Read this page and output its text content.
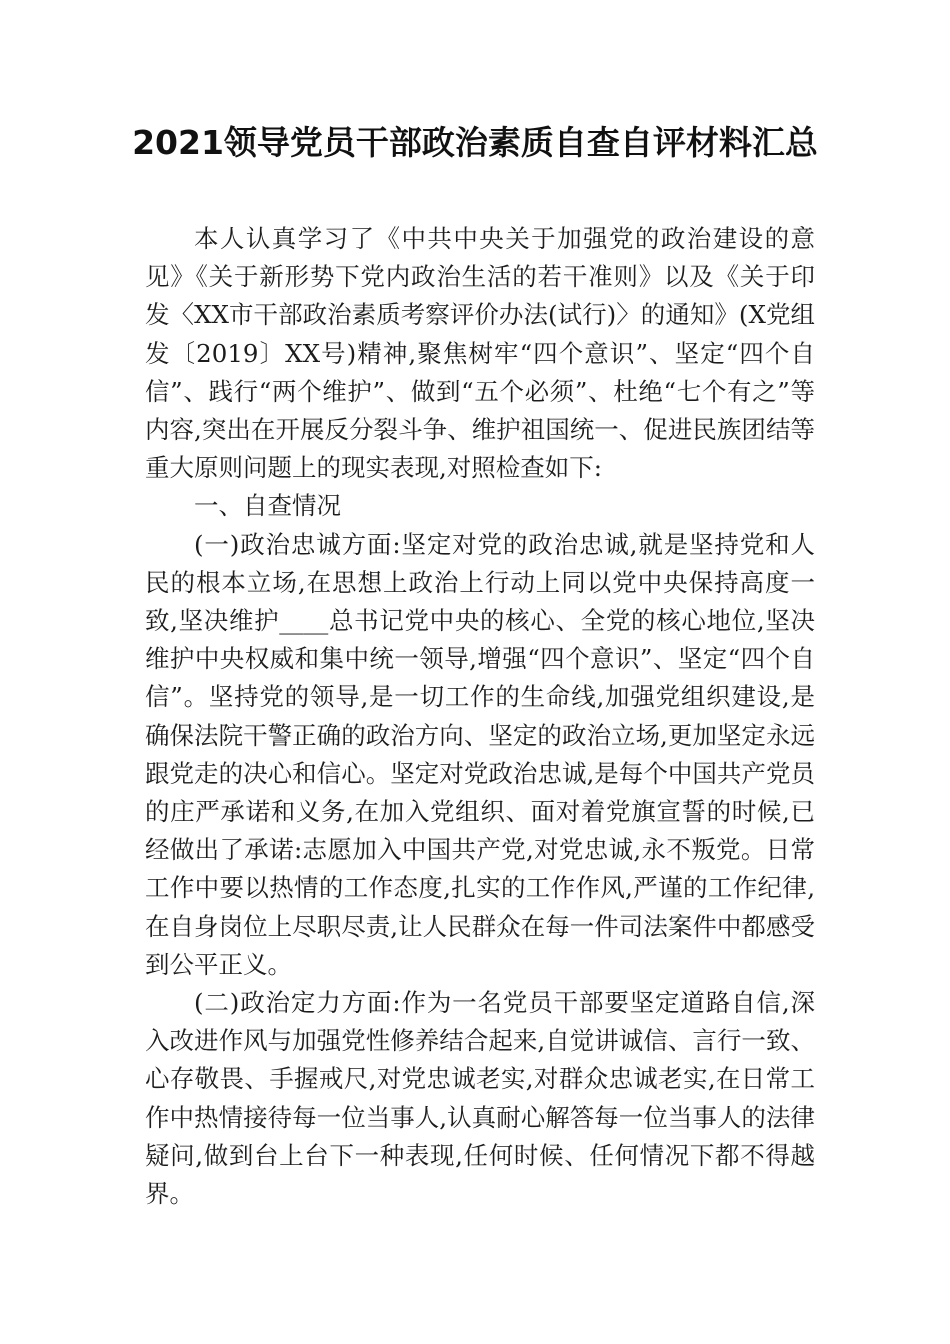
2021领导党员干部政治素质自查自评材料汇总

本人认真学习了《中共中央关于加强党的政治建设的意见》《关于新形势下党内政治生活的若干准则》以及《关于印发〈XX市干部政治素质考察评价办法(试行)〉的通知》(X党组发〔2019〕XX号)精神,聚焦树牢“四个意识”、坚定“四个自信”、践行“两个维护”、做到“五个必须”、杜绝“七个有之”等内容,突出在开展反分裂斗争、维护祖国统一、促进民族团结等重大原则问题上的现实表现,对照检查如下:

一、自查情况

(一)政治忠诚方面:坚定对党的政治忠诚,就是坚持党和人民的根本立场,在思想上政治上行动上同以党中央保持高度一致,坚决维护____总书记党中央的核心、全党的核心地位,坚决维护中央权威和集中统一领导,增强“四个意识”、坚定“四个自信”。坚持党的领导,是一切工作的生命线,加强党组织建设,是确保法院干警正确的政治方向、坚定的政治立场,更加坚定永远跟党走的决心和信心。坚定对党政治忠诚,是每个中国共产党员的庄严承诺和义务,在加入党组织、面对着党旗宣誓的时候,已经做出了承诺:志愿加入中国共产党,对党忠诚,永不叛党。日常工作中要以热情的工作态度,扎实的工作作风,严谨的工作纪律,在自身岗位上尽职尽责,让人民群众在每一件司法案件中都感受到公平正义。

(二)政治定力方面:作为一名党员干部要坚定道路自信,深入改进作风与加强党性修养结合起来,自觉讲诚信、言行一致、心存敬畏、手握戒尺,对党忠诚老实,对群众忠诚老实,在日常工作中热情接待每一位当事人,认真耐心解答每一位当事人的法律疑问,做到台上台下一种表现,任何时候、任何情况下都不得越界。
